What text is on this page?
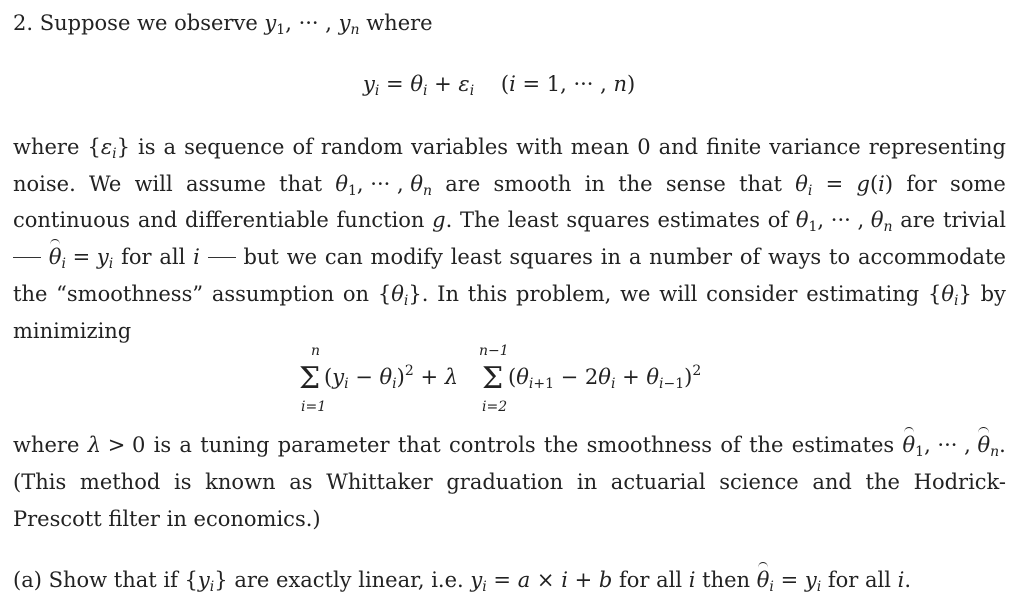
2. Suppose we observe $y_1$, ··· , $y_n$ where
$y_i = \theta_i + \varepsilon_i$    (i = 1, ··· , n)
where $\{\varepsilon_i\}$ is a sequence of random variables with mean 0 and finite variance representing
noise. We will assume that $\theta_1$, ··· , $\theta_n$ are smooth in the sense that $\theta_i = g(i)$ for some
continuous and differentiable function g. The least squares estimates of $\theta_1$, ··· , $\theta_n$ are trivial
$\theta_i = y_i$ for all i but we can modify least squares in a number of ways to accommodate
the “smoothness” assumption on $\{\theta_i\}$. In this problem, we will consider estimating $\{\theta_i\}$ by
minimizing
n
Σ
i=1
$(y_i - \theta_i)^2 + \lambda$
n−1
Σ
i=2
$(\theta_{i+1} - 2\theta_i + \theta_{i-1})^2$
where λ > 0 is a tuning parameter that controls the smoothness of the estimates $\theta_1$, ··· , $\theta_n$.
(This method is known as Whittaker graduation in actuarial science and the Hodrick-
Prescott filter in economics.)
(a) Show that if $\{y_i\}$ are exactly linear, i.e. $y_i = a \times i + b$ for all i then $\theta_i = y_i$ for all i.
